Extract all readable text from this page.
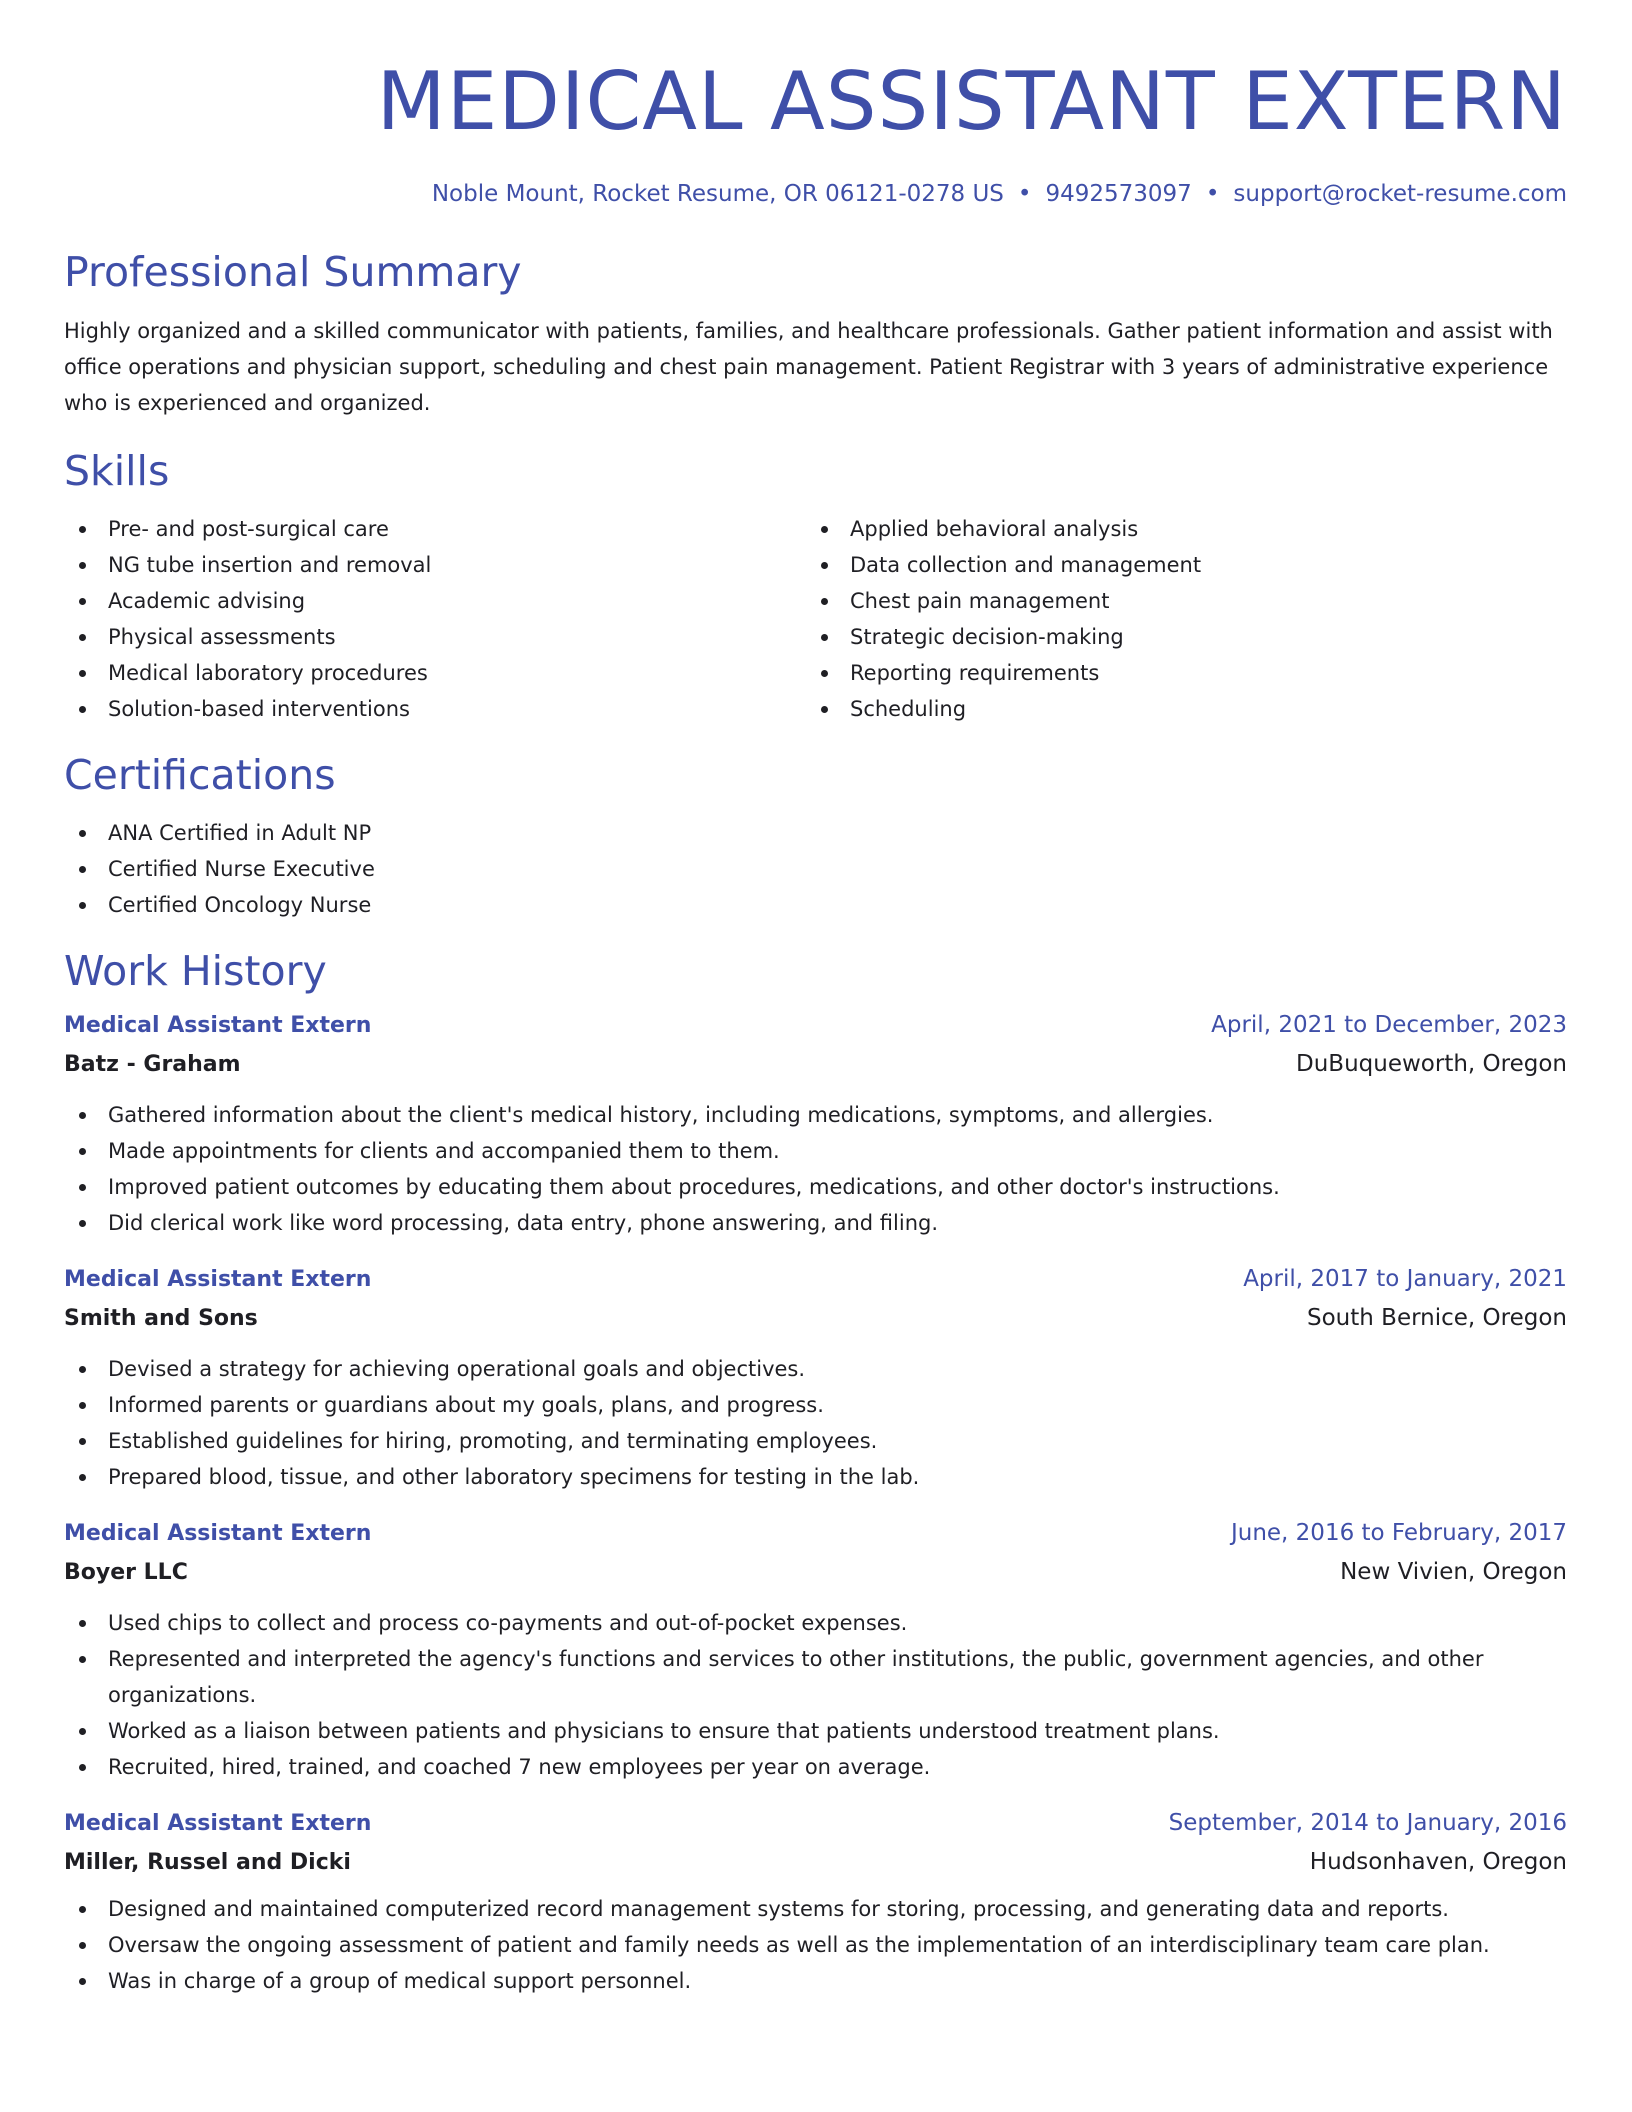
MEDICAL ASSISTANT EXTERN
Noble Mount, Rocket Resume, OR 06121-0278 US • 9492573097 • support@rocket-resume.com
Professional Summary

Highly organized and a skilled communicator with patients, families, and healthcare professionals. Gather patient information and assist with office operations and physician support, scheduling and chest pain management. Patient Registrar with 3 years of administrative experience who is experienced and organized.

Skills
Pre- and post-surgical care
NG tube insertion and removal
Academic advising
Physical assessments
Medical laboratory procedures
Solution-based interventions
Applied behavioral analysis
Data collection and management
Chest pain management
Strategic decision-making
Reporting requirements
Scheduling
Certifications
ANA Certified in Adult NP
Certified Nurse Executive
Certified Oncology Nurse
Work History
Medical Assistant Extern	April, 2021 to December, 2023
Batz - Graham	DuBuqueworth, Oregon
Gathered information about the client's medical history, including medications, symptoms, and allergies.
Made appointments for clients and accompanied them to them.
Improved patient outcomes by educating them about procedures, medications, and other doctor's instructions.
Did clerical work like word processing, data entry, phone answering, and filing.
Medical Assistant Extern	April, 2017 to January, 2021
Smith and Sons	South Bernice, Oregon
Devised a strategy for achieving operational goals and objectives.
Informed parents or guardians about my goals, plans, and progress.
Established guidelines for hiring, promoting, and terminating employees.
Prepared blood, tissue, and other laboratory specimens for testing in the lab.
Medical Assistant Extern	June, 2016 to February, 2017
Boyer LLC	New Vivien, Oregon
Used chips to collect and process co-payments and out-of-pocket expenses.
Represented and interpreted the agency's functions and services to other institutions, the public, government agencies, and other organizations.
Worked as a liaison between patients and physicians to ensure that patients understood treatment plans.
Recruited, hired, trained, and coached 7 new employees per year on average.
Medical Assistant Extern	September, 2014 to January, 2016
Miller, Russel and Dicki	Hudsonhaven, Oregon
Designed and maintained computerized record management systems for storing, processing, and generating data and reports.
Oversaw the ongoing assessment of patient and family needs as well as the implementation of an interdisciplinary team care plan.
Was in charge of a group of medical support personnel.
